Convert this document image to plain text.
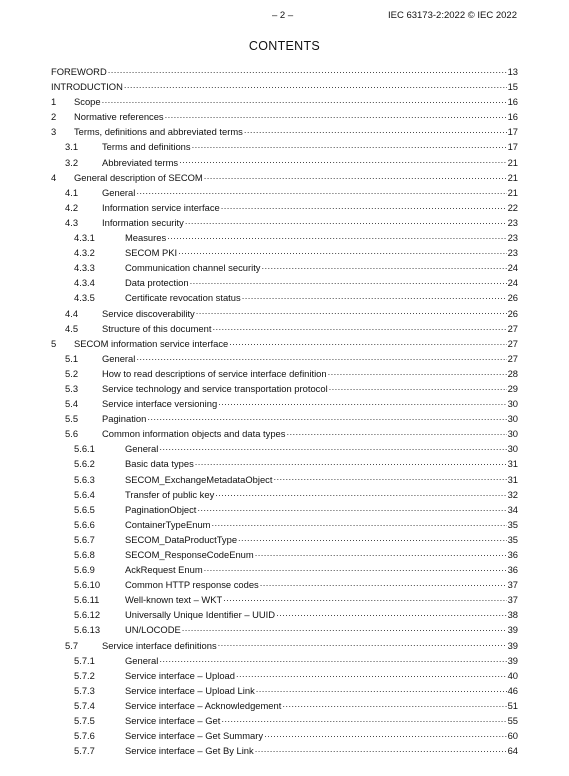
– 2 –	IEC 63173-2:2022 © IEC 2022
CONTENTS
FOREWORD .....	13
INTRODUCTION .....	15
1	Scope .....	16
2	Normative references .....	16
3	Terms, definitions and abbreviated terms .....	17
3.1	Terms and definitions .....	17
3.2	Abbreviated terms .....	21
4	General description of SECOM .....	21
4.1	General .....	21
4.2	Information service interface .....	22
4.3	Information security .....	23
4.3.1	Measures .....	23
4.3.2	SECOM PKI .....	23
4.3.3	Communication channel security .....	24
4.3.4	Data protection .....	24
4.3.5	Certificate revocation status .....	26
4.4	Service discoverability .....	26
4.5	Structure of this document .....	27
5	SECOM information service interface .....	27
5.1	General .....	27
5.2	How to read descriptions of service interface definition .....	28
5.3	Service technology and service transportation protocol .....	29
5.4	Service interface versioning .....	30
5.5	Pagination .....	30
5.6	Common information objects and data types .....	30
5.6.1	General .....	30
5.6.2	Basic data types .....	31
5.6.3	SECOM_ExchangeMetadataObject .....	31
5.6.4	Transfer of public key .....	32
5.6.5	PaginationObject .....	34
5.6.6	ContainerTypeEnum .....	35
5.6.7	SECOM_DataProductType .....	35
5.6.8	SECOM_ResponseCodeEnum .....	36
5.6.9	AckRequest Enum .....	36
5.6.10	Common HTTP response codes .....	37
5.6.11	Well-known text – WKT .....	37
5.6.12	Universally Unique Identifier – UUID .....	38
5.6.13	UN/LOCODE .....	39
5.7	Service interface definitions .....	39
5.7.1	General .....	39
5.7.2	Service interface – Upload .....	40
5.7.3	Service interface – Upload Link .....	46
5.7.4	Service interface – Acknowledgement .....	51
5.7.5	Service interface – Get .....	55
5.7.6	Service interface – Get Summary .....	60
5.7.7	Service interface – Get By Link .....	64
